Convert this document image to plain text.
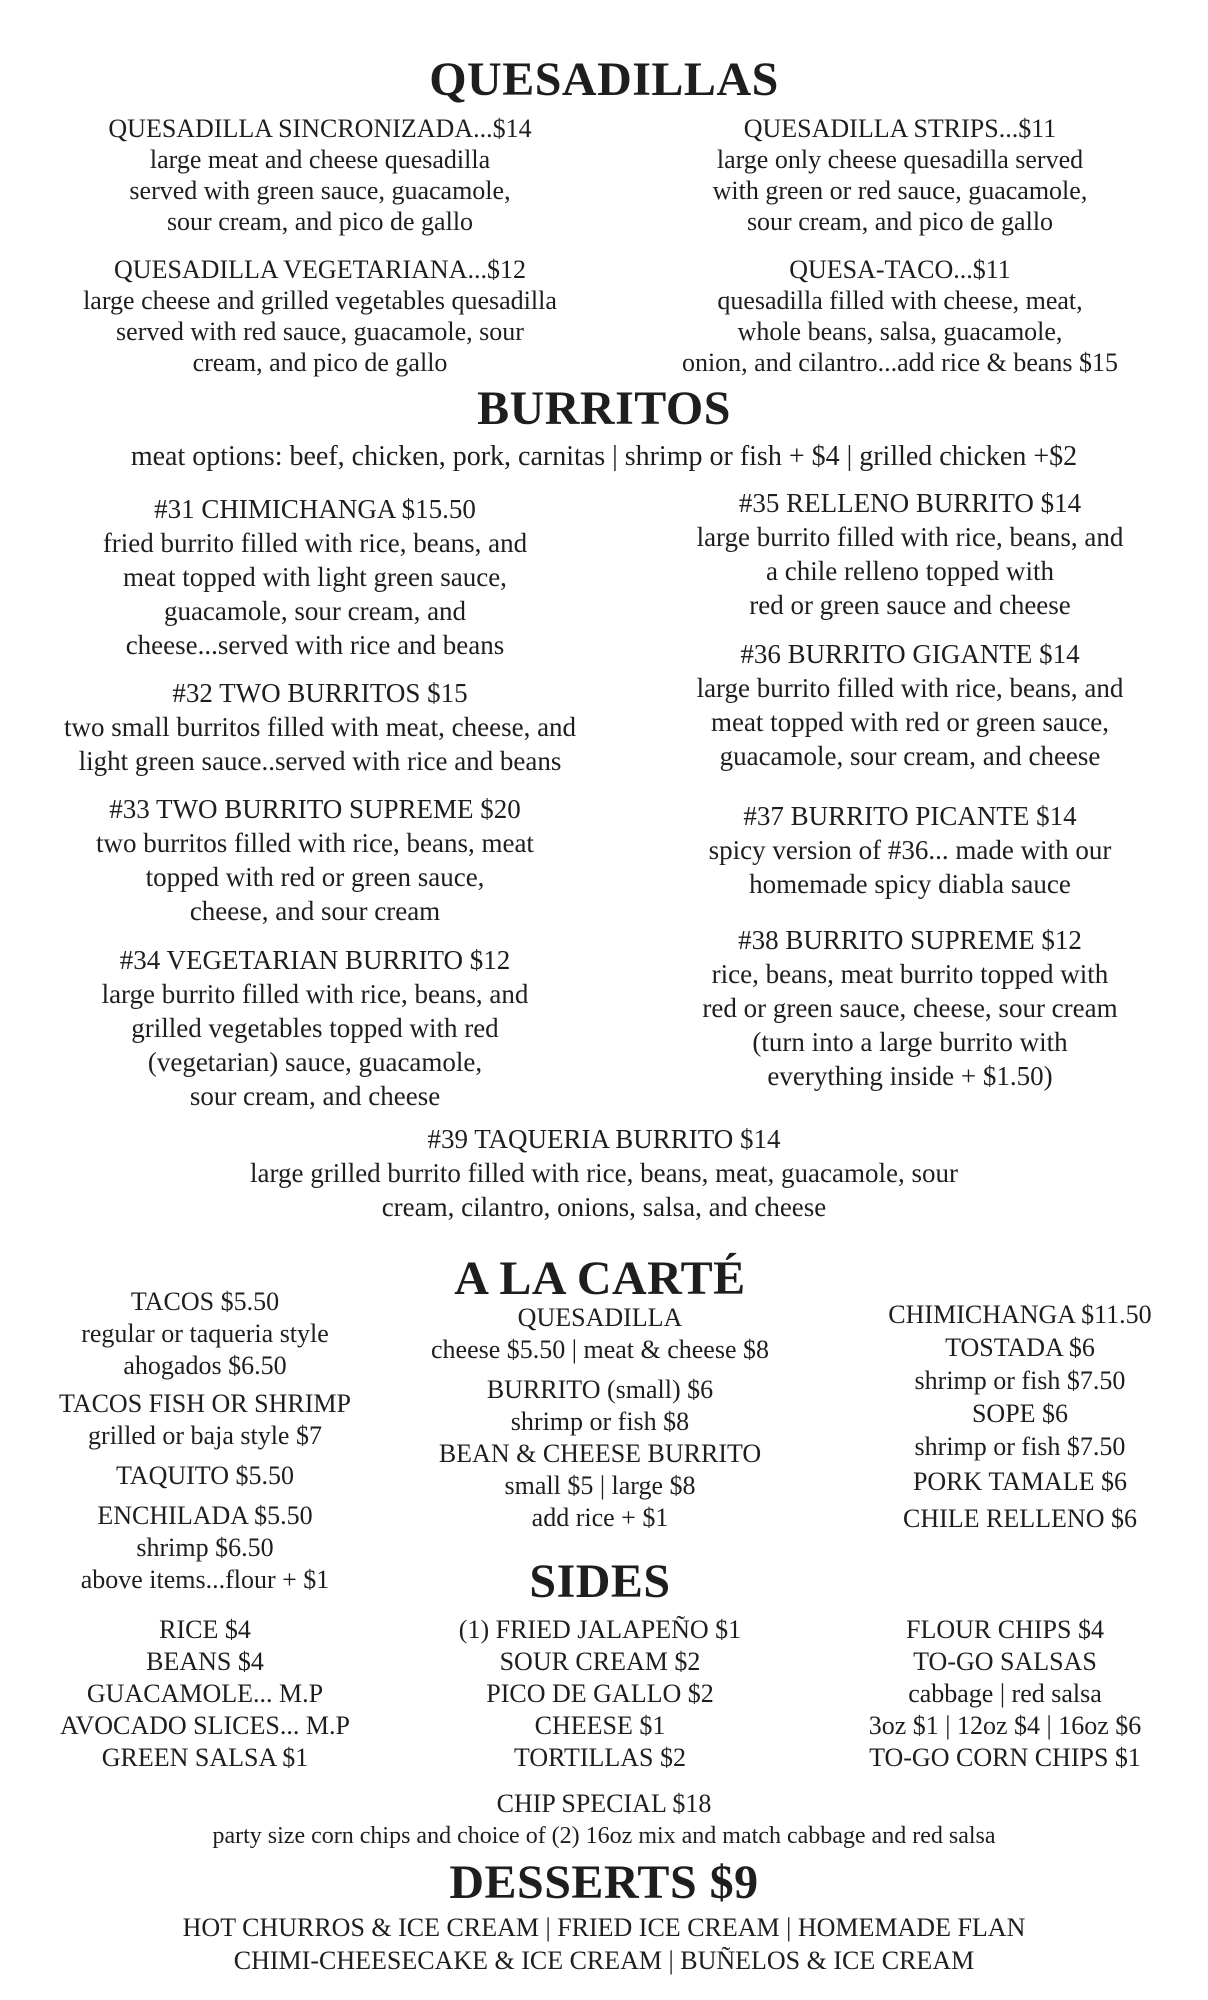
QUESADILLAS
QUESADILLA SINCRONIZADA...$14
large meat and cheese quesadilla
served with green sauce, guacamole,
sour cream, and pico de gallo
QUESADILLA STRIPS...$11
large only cheese quesadilla served
with green or red sauce, guacamole,
sour cream, and pico de gallo
QUESADILLA VEGETARIANA...$12
large cheese and grilled vegetables quesadilla
served with red sauce, guacamole, sour
cream, and pico de gallo
QUESA-TACO...$11
quesadilla filled with cheese, meat,
whole beans, salsa, guacamole,
onion, and cilantro...add rice & beans $15
BURRITOS
meat options: beef, chicken, pork, carnitas | shrimp or fish + $4 | grilled chicken +$2
#31 CHIMICHANGA $15.50
fried burrito filled with rice, beans, and
meat topped with light green sauce,
guacamole, sour cream, and
cheese...served with rice and beans
#32 TWO BURRITOS $15
two small burritos filled with meat, cheese, and
light green sauce..served with rice and beans
#33 TWO BURRITO SUPREME $20
two burritos filled with rice, beans, meat
topped with red or green sauce,
cheese, and sour cream
#34 VEGETARIAN BURRITO $12
large burrito filled with rice, beans, and
grilled vegetables topped with red
(vegetarian) sauce, guacamole,
sour cream, and cheese
#35 RELLENO BURRITO $14
large burrito filled with rice, beans, and
a chile relleno topped with
red or green sauce and cheese
#36 BURRITO GIGANTE $14
large burrito filled with rice, beans, and
meat topped with red or green sauce,
guacamole, sour cream, and cheese
#37 BURRITO PICANTE $14
spicy version of #36... made with our
homemade spicy diabla sauce
#38 BURRITO SUPREME $12
rice, beans, meat burrito topped with
red or green sauce, cheese, sour cream
(turn into a large burrito with
everything inside + $1.50)
#39 TAQUERIA BURRITO $14
large grilled burrito filled with rice, beans, meat, guacamole, sour
cream, cilantro, onions, salsa, and cheese
A LA CARTÉ
TACOS $5.50
regular or taqueria style
ahogados $6.50
TACOS FISH OR SHRIMP
grilled or baja style $7
TAQUITO $5.50
ENCHILADA $5.50
shrimp $6.50
above items...flour + $1
QUESADILLA
cheese $5.50 | meat & cheese $8
BURRITO (small) $6
shrimp or fish $8
BEAN & CHEESE BURRITO
small $5 | large $8
add rice + $1
CHIMICHANGA $11.50
TOSTADA $6
shrimp or fish $7.50
SOPE $6
shrimp or fish $7.50
PORK TAMALE $6
CHILE RELLENO $6
SIDES
RICE $4
BEANS $4
GUACAMOLE... M.P
AVOCADO SLICES... M.P
GREEN SALSA $1
(1) FRIED JALAPEÑO $1
SOUR CREAM $2
PICO DE GALLO $2
CHEESE $1
TORTILLAS $2
FLOUR CHIPS $4
TO-GO SALSAS
cabbage | red salsa
3oz $1 | 12oz $4 | 16oz $6
TO-GO CORN CHIPS $1
CHIP SPECIAL $18
party size corn chips and choice of (2) 16oz mix and match cabbage and red salsa
DESSERTS $9
HOT CHURROS & ICE CREAM | FRIED ICE CREAM | HOMEMADE FLAN
CHIMI-CHEESECAKE & ICE CREAM | BUÑELOS & ICE CREAM
